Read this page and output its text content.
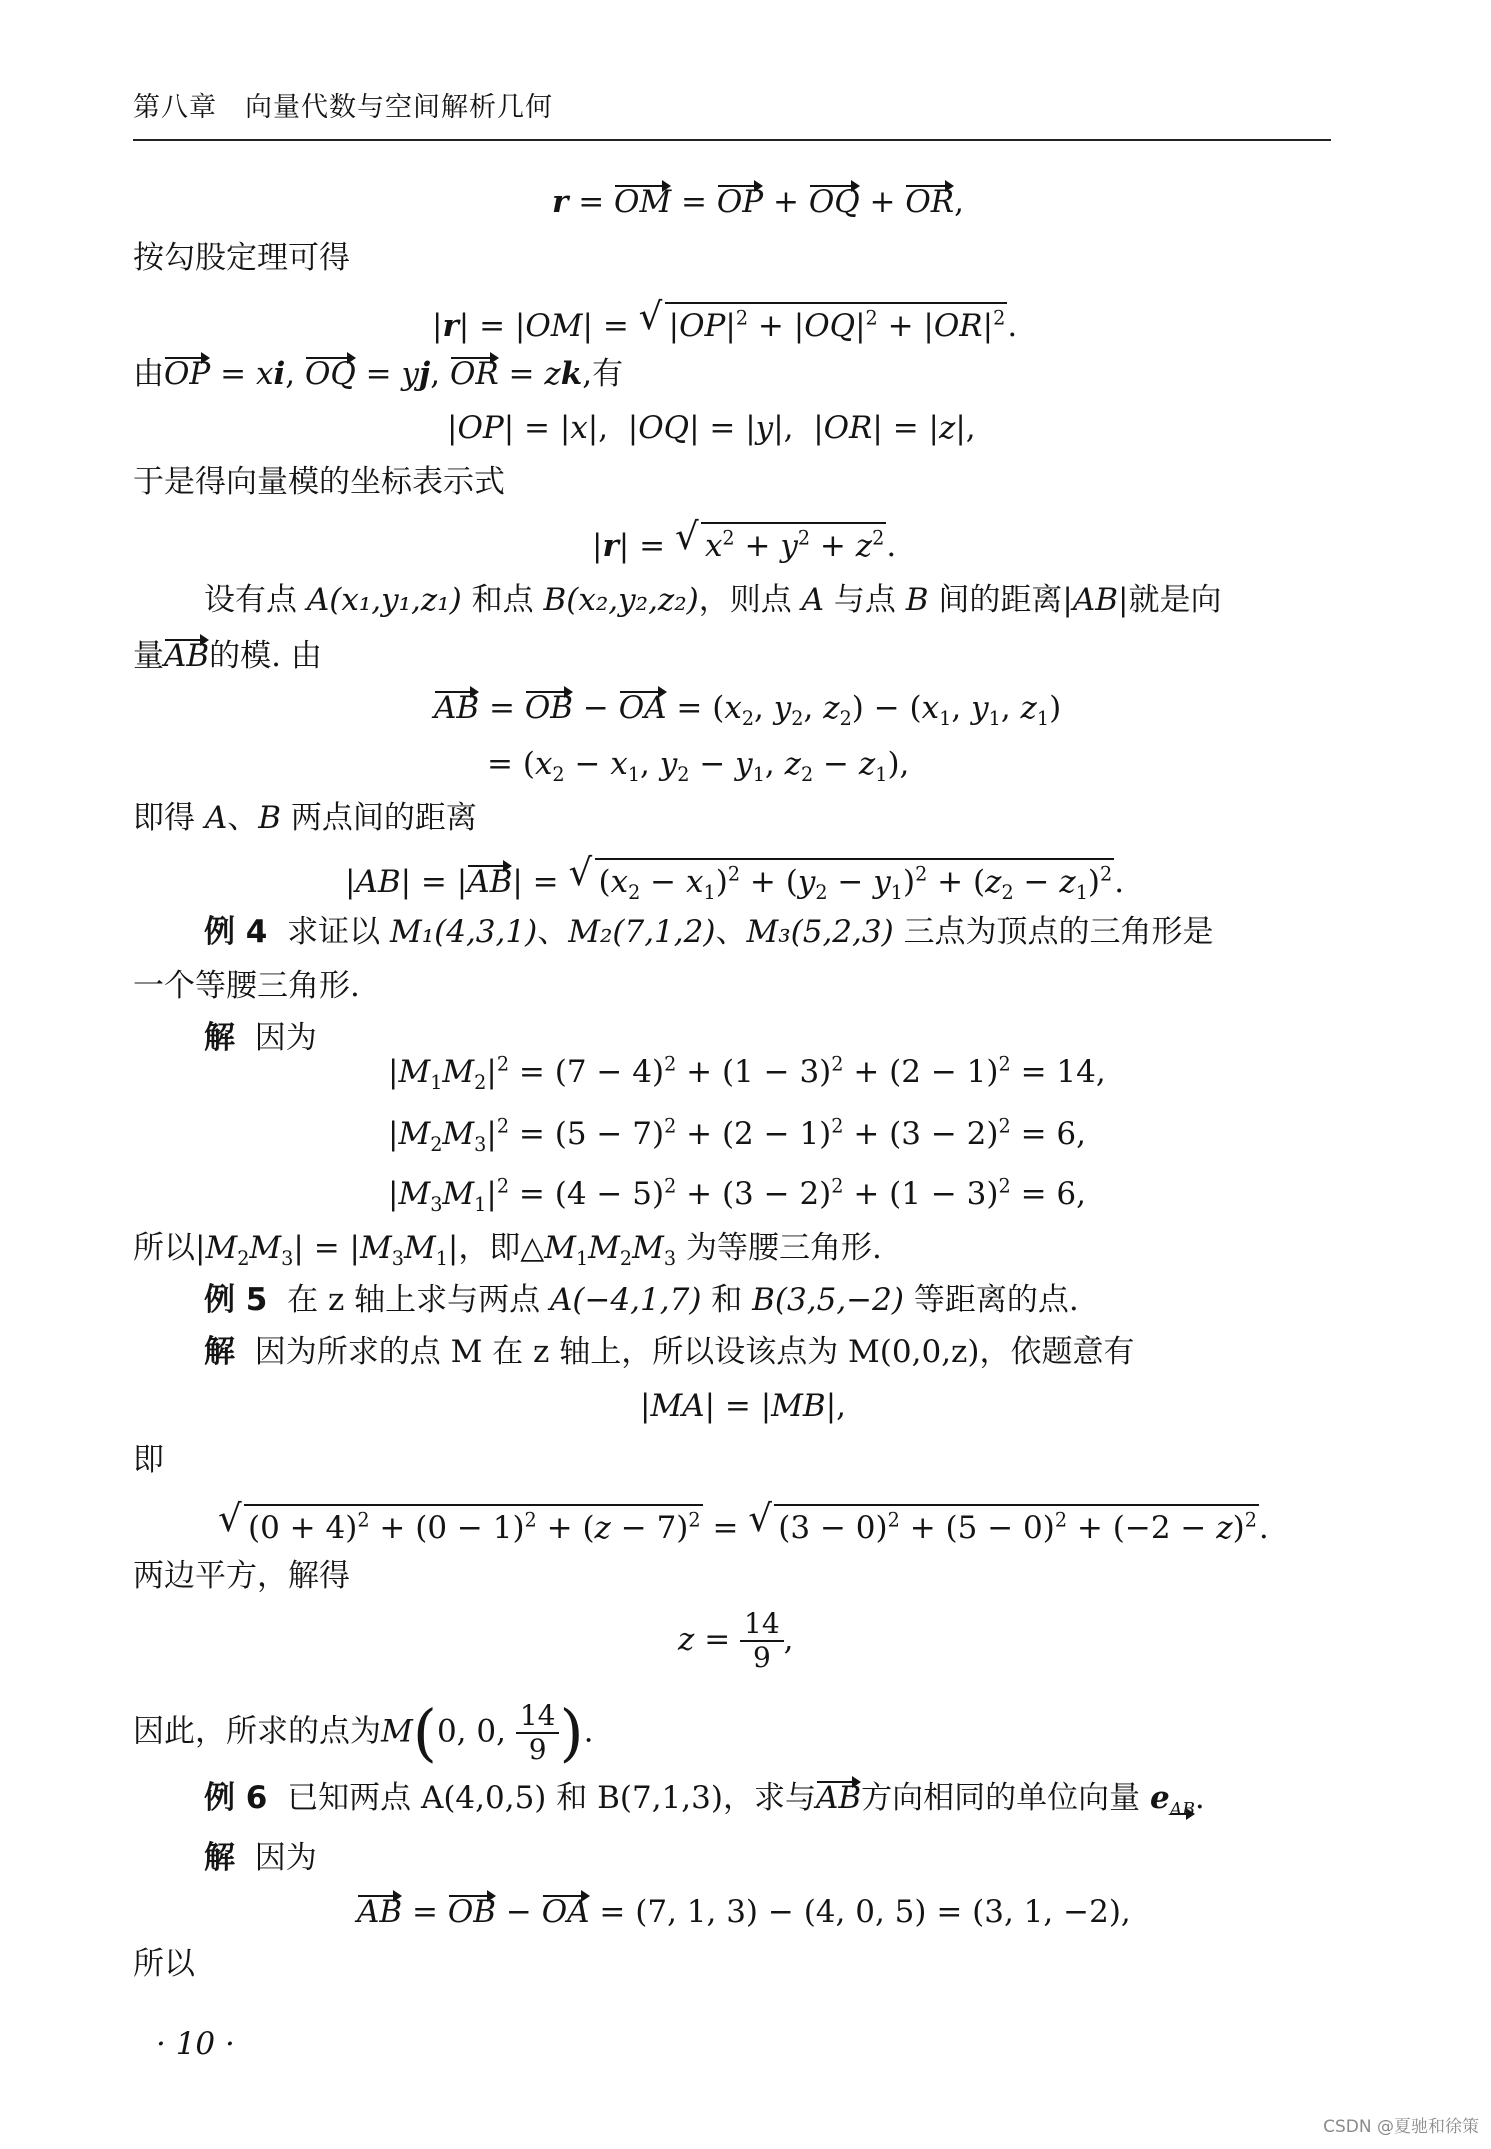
第八章　向量代数与空间解析几何
r = OM = OP + OQ + OR,
按勾股定理可得
|r| = |OM| = √ $|OP|^2 + |OQ|^2 + |OR|^2$.
由OP = xi, OQ = yj, OR = zk,有
|OP| = |x|,  |OQ| = |y|,  |OR| = |z|,
于是得向量模的坐标表示式
|r| = √ $x^2 + y^2 + z^2$.
设有点 A(x₁,y₁,z₁) 和点 B(x₂,y₂,z₂)，则点 A 与点 B 间的距离|AB|就是向
量AB的模. 由
AB = OB − OA = ($x_2$, $y_2$, $z_2) - (x_1$, $y_1$, $z_1$)
= ($x_2 - x_1$, $y_2 - y_1$, $z_2 - z_1$),
即得 A、B 两点间的距离
|AB| = |AB| = √ $(x_2 - x_1)^2 + (y_2 - y_1)^2 + (z_2 - z_1)^2$.
例 4 求证以 M₁(4,3,1)、M₂(7,1,2)、M₃(5,2,3) 三点为顶点的三角形是
一个等腰三角形.
解 因为
$|M_1M_2|^2 = (7 - 4)^2 + (1 - 3)^2 + (2 - 1)^2 = 14$,
$|M_2M_3|^2 = (5 - 7)^2 + (2 - 1)^2 + (3 - 2)^2 = 6$,
$|M_3M_1|^2 = (4 - 5)^2 + (3 - 2)^2 + (1 - 3)^2 = 6$,
所以$|M_2M_3| = |M_3M_1|$，即$\triangle M_1M_2M_3$ 为等腰三角形.
例 5 在 z 轴上求与两点 A(−4,1,7) 和 B(3,5,−2) 等距离的点.
解 因为所求的点 M 在 z 轴上，所以设该点为 M(0,0,z)，依题意有
|MA| = |MB|,
即
√ $(0 + 4)^2 + (0 - 1)^2 + (z - 7)^2$ = √ $(3 - 0)^2 + (5 - 0)^2 + (-2 - z)^2$.
两边平方，解得
$z = \frac{14}{9}$ ,
因此，所求的点为M(0, 0, $\frac{14}{9}$ ).
例 6 已知两点 A(4,0,5) 和 B(7,1,3)，求与AB方向相同的单位向量 $e_{AB}$.
解 因为
AB = OB − OA = (7, 1, 3) − (4, 0, 5) = (3, 1, −2),
所以
· 10 ·
CSDN @夏驰和徐策
